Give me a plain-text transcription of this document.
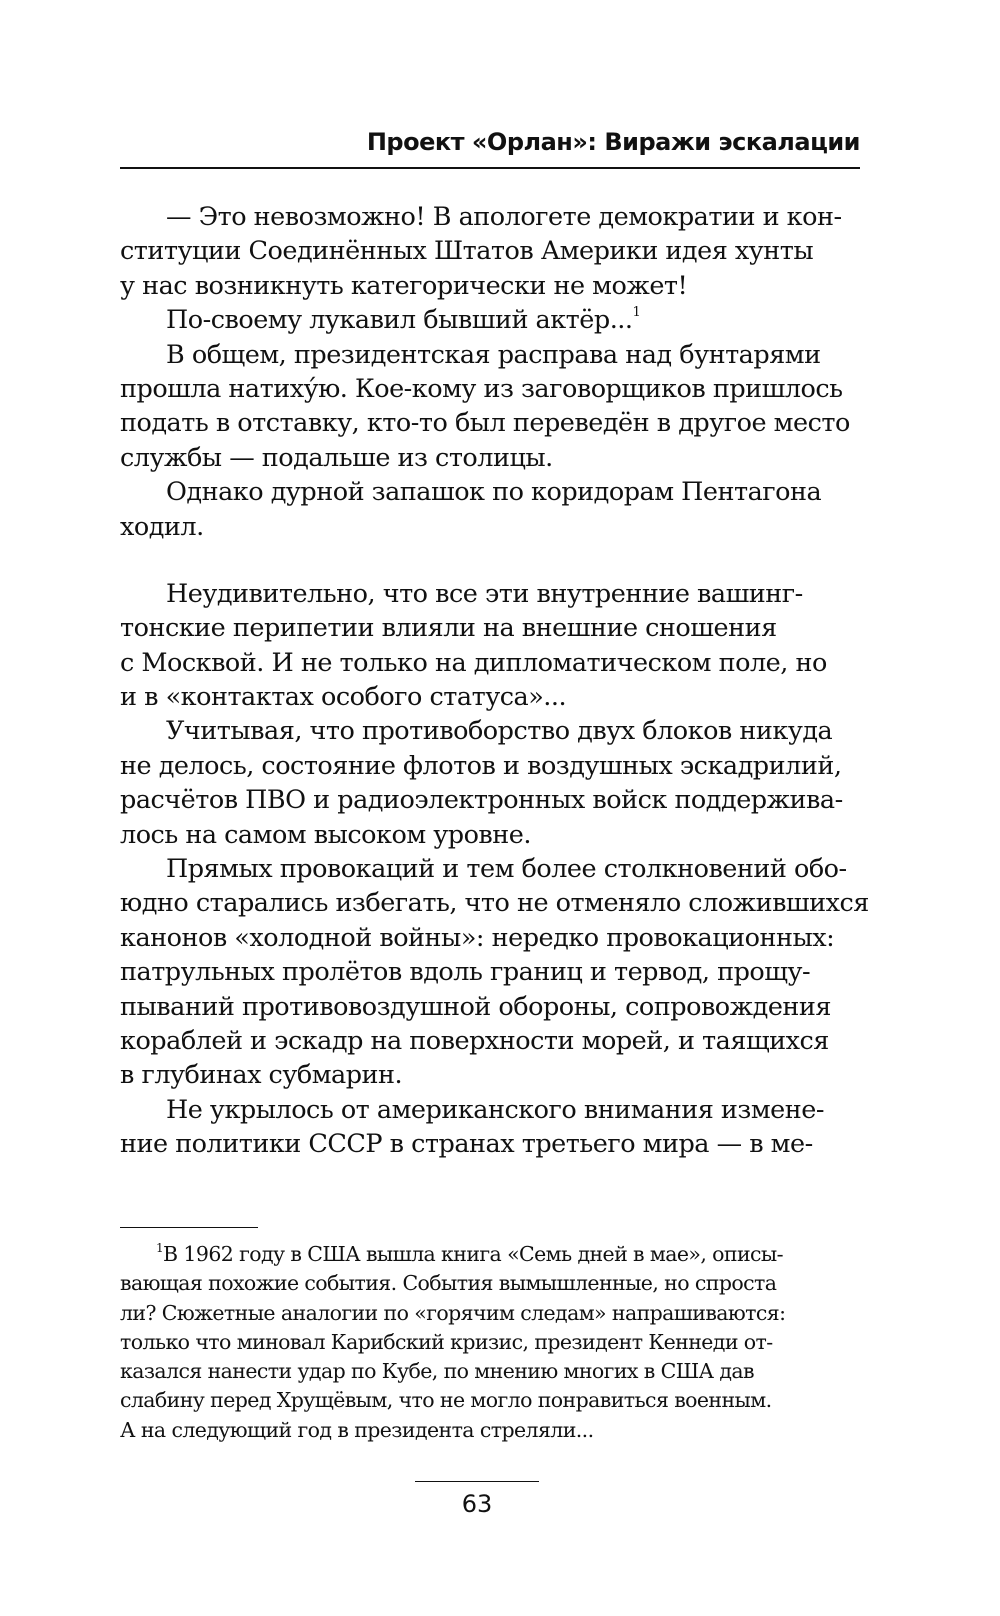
Проект «Орлан»: Виражи эскалации
— Это невозможно! В апологете демократии и кон-
ституции Соединённых Штатов Америки идея хунты
у нас возникнуть категорически не может!
По-своему лукавил бывший актёр...$^1$
В общем, президентская расправа над бунтарями
прошла натиху́ю. Кое-кому из заговорщиков пришлось
подать в отставку, кто-то был переведён в другое место
службы — подальше из столицы.
Однако дурной запашок по коридорам Пентагона
ходил.
Неудивительно, что все эти внутренние вашинг-
тонские перипетии влияли на внешние сношения
с Москвой. И не только на дипломатическом поле, но
и в «контактах особого статуса»...
Учитывая, что противоборство двух блоков никуда
не делось, состояние флотов и воздушных эскадрилий,
расчётов ПВО и радиоэлектронных войск поддержива-
лось на самом высоком уровне.
Прямых провокаций и тем более столкновений обо-
юдно старались избегать, что не отменяло сложившихся
канонов «холодной войны»: нередко провокационных:
патрульных пролётов вдоль границ и тервод, прощу-
пываний противовоздушной обороны, сопровождения
кораблей и эскадр на поверхности морей, и таящихся
в глубинах субмарин.
Не укрылось от американского внимания измене-
ние политики СССР в странах третьего мира — в ме-
$^1$В 1962 году в США вышла книга «Семь дней в мае», описы-
вающая похожие события. События вымышленные, но спроста
ли? Сюжетные аналогии по «горячим следам» напрашиваются:
только что миновал Карибский кризис, президент Кеннеди от-
казался нанести удар по Кубе, по мнению многих в США дав
слабину перед Хрущёвым, что не могло понравиться военным.
А на следующий год в президента стреляли...
63
